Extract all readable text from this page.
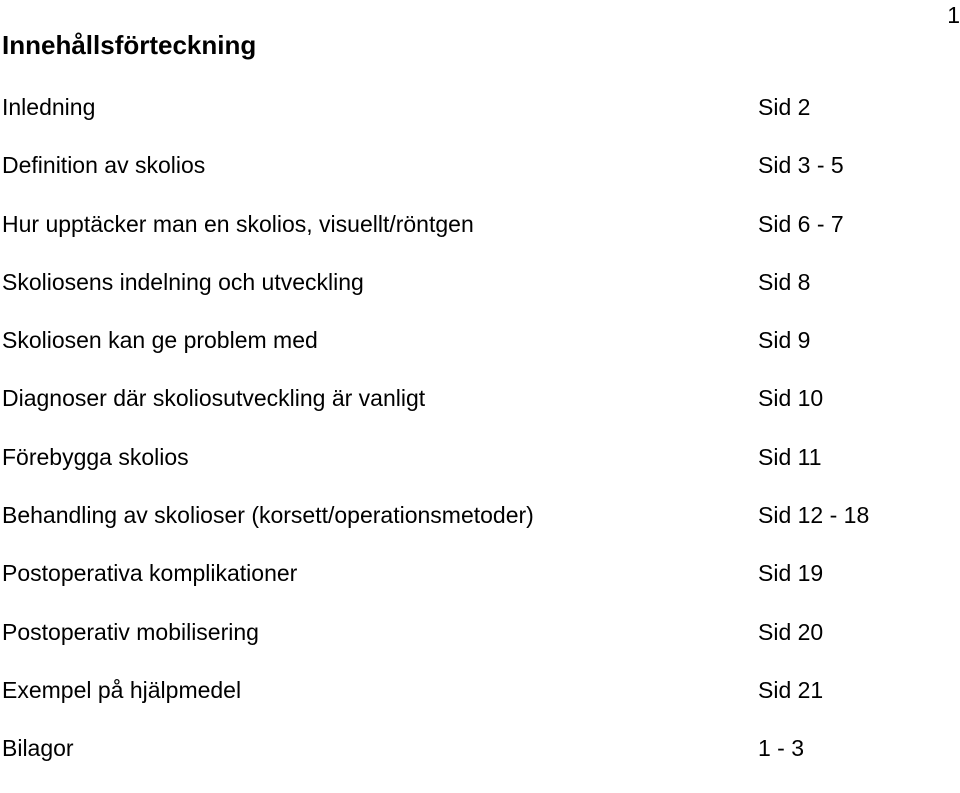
1
Innehållsförteckning
Inledning	Sid 2
Definition av skolios	Sid 3 - 5
Hur upptäcker man en skolios, visuellt/röntgen	Sid 6 - 7
Skoliosens indelning och utveckling	Sid 8
Skoliosen kan ge problem med	Sid 9
Diagnoser där skoliosutveckling är vanligt	Sid 10
Förebygga skolios	Sid 11
Behandling av skolioser (korsett/operationsmetoder)	Sid 12 - 18
Postoperativa komplikationer	Sid 19
Postoperativ mobilisering	Sid 20
Exempel på hjälpmedel	Sid 21
Bilagor	1 - 3
